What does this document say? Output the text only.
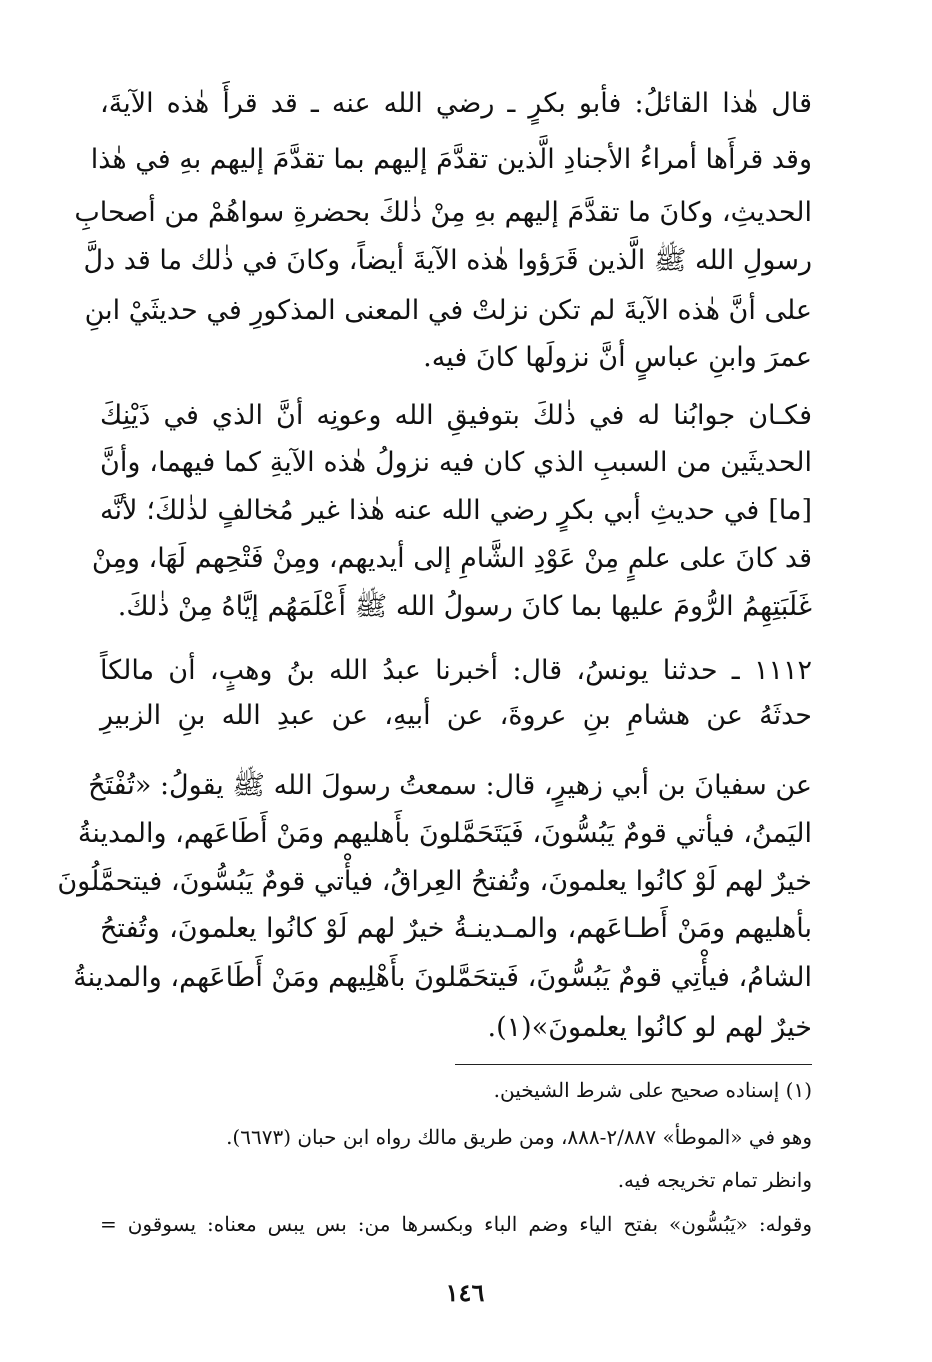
قال هٰذا القائلُ: فأبو بكرٍ ـ رضي الله عنه ـ قد قرأَ هٰذه الآيةَ،
وقد قرأَها أمراءُ الأجنادِ الَّذين تقدَّمَ إليهم بما تقدَّمَ إليهم بهِ في هٰذا
الحديثِ، وكانَ ما تقدَّمَ إليهم بهِ مِنْ ذٰلكَ بحضرةِ سواهُمْ من أصحابِ
رسولِ الله ﷺ الَّذين قَرَؤوا هٰذه الآيةَ أيضاً، وكانَ في ذٰلك ما قد دلَّ
على أنَّ هٰذه الآيةَ لم تكن نزلتْ في المعنى المذكورِ في حديثَيْ ابنِ
عمرَ وابنِ عباسٍ أنَّ نزولَها كانَ فيه.
فكـان جوابُنا له في ذٰلكَ بتوفيقِ الله وعونِه أنَّ الذي في ذَيْنِكَ
الحديثَين من السببِ الذي كان فيه نزولُ هٰذه الآيةِ كما فيهما، وأنَّ
[ما] في حديثِ أبي بكرٍ رضي الله عنه هٰذا غير مُخالفٍ لذٰلكَ؛ لأنَّه
قد كانَ على علمٍ مِنْ عَوْدِ الشَّامِ إلى أيديهم، ومِنْ فَتْحِهم لَهَا، ومِنْ
غَلَبَتِهِمُ الرُّومَ عليها بما كانَ رسولُ الله ﷺ أَعْلَمَهُم إيَّاهُ مِنْ ذٰلكَ.
١١١٢ ـ حدثنا يونسُ، قال: أخبرنا عبدُ الله بنُ وهبٍ، أن مالكاً
حدثَهُ عن هشامِ بنِ عروةَ، عن أبيهِ، عن عبدِ الله بنِ الزبيرِ
عن سفيانَ بن أبي زهيرٍ، قال: سمعتُ رسولَ الله ﷺ يقولُ: «تُفْتَحُ
اليَمنُ، فيأتي قومٌ يَبُسُّونَ، فَيَتَحَمَّلونَ بأَهليهم ومَنْ أَطَاعَهم، والمدينةُ
خيرٌ لهم لَوْ كانُوا يعلمونَ، وتُفتحُ العِراقُ، فيأْتي قومٌ يَبُسُّونَ، فيتحمَّلُونَ
بأهليهم ومَنْ أَطـاعَهم، والمـدينـةُ خيرٌ لهم لَوْ كانُوا يعلمونَ، وتُفتحُ
الشامُ، فيأْتِي قومٌ يَبُسُّونَ، فَيتحَمَّلونَ بأَهْلِيهم ومَنْ أَطَاعَهم، والمدينةُ
خيرٌ لهم لو كانُوا يعلمونَ»(١).
(١) إسناده صحيح على شرط الشيخين.
وهو في «الموطأ» ٢/٨٨٧-٨٨٨، ومن طريق مالك رواه ابن حبان (٦٦٧٣).
وانظر تمام تخريجه فيه.
وقوله: «يَبُسُّون» بفتح الياء وضم الباء وبكسرها من: بس يبس معناه: يسوقون =
١٤٦
